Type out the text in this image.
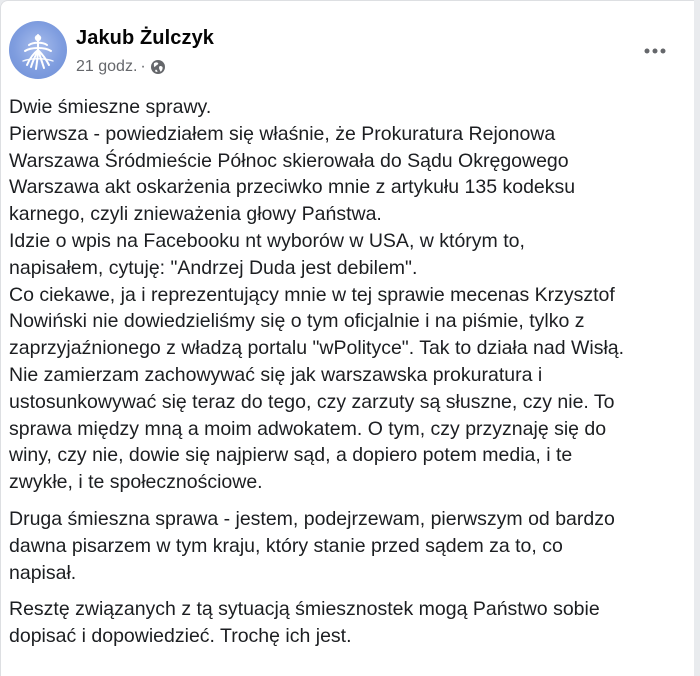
Jakub Żulczyk
21 godz. ·

Dwie śmieszne sprawy.
Pierwsza - powiedziałem się właśnie, że Prokuratura Rejonowa
Warszawa Śródmieście Północ skierowała do Sądu Okręgowego
Warszawa akt oskarżenia przeciwko mnie z artykułu 135 kodeksu
karnego, czyli znieważenia głowy Państwa.
Idzie o wpis na Facebooku nt wyborów w USA, w którym to,
napisałem, cytuję: "Andrzej Duda jest debilem".
Co ciekawe, ja i reprezentujący mnie w tej sprawie mecenas Krzysztof
Nowiński nie dowiedzieliśmy się o tym oficjalnie i na piśmie, tylko z
zaprzyjaźnionego z władzą portalu "wPolityce". Tak to działa nad Wisłą.
Nie zamierzam zachowywać się jak warszawska prokuratura i
ustosunkowywać się teraz do tego, czy zarzuty są słuszne, czy nie. To
sprawa między mną a moim adwokatem. O tym, czy przyznaję się do
winy, czy nie, dowie się najpierw sąd, a dopiero potem media, i te
zwykłe, i te społecznościowe.

Druga śmieszna sprawa - jestem, podejrzewam, pierwszym od bardzo
dawna pisarzem w tym kraju, który stanie przed sądem za to, co
napisał.

Resztę związanych z tą sytuacją śmiesznostek mogą Państwo sobie
dopisać i dopowiedzieć. Trochę ich jest.
